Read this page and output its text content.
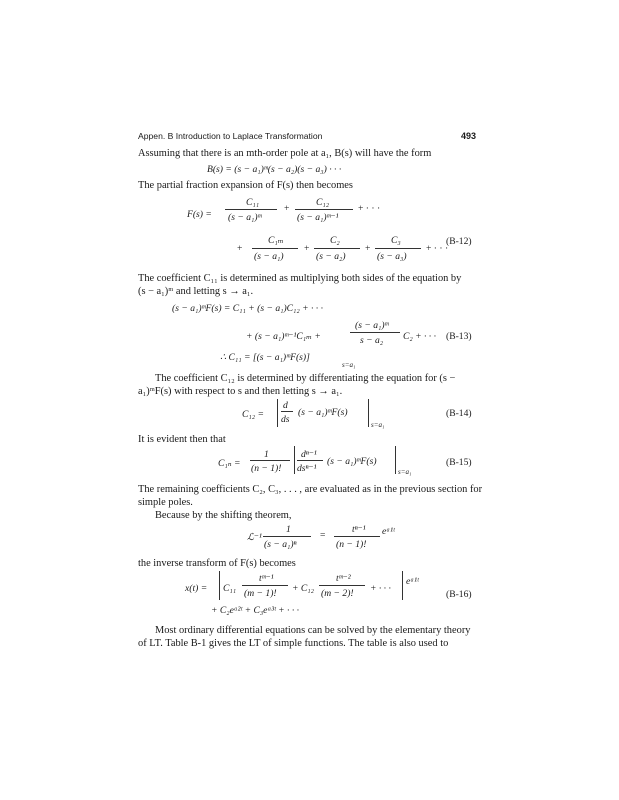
Appen. B Introduction to Laplace Transformation	493
Assuming that there is an mth-order pole at a₁, B(s) will have the form
B(s) = (s − a₁)ᵐ(s − a₂)(s − a₃) · · ·
The partial fraction expansion of F(s) then becomes
F(s) =
C₁₁
(s − a₁)ᵐ
+
C₁₂
(s − a₁)ᵐ⁻¹
+ · · ·
+
C₁ₘ
(s − a₁)
+
C₂
(s − a₂)
+
C₃
(s − a₃)
+ · · ·
(B-12)
The coefficient C₁₁ is determined as multiplying both sides of the equation by
(s − a₁)ᵐ and letting s → a₁.
(s − a₁)ᵐF(s) = C₁₁ + (s − a₁)C₁₂ + · · ·
+ (s − a₁)ᵐ⁻¹C₁ₘ +
(s − a₁)ᵐ
s − a₂ C₂ + · · · (B-13)
∴ C₁₁ = [(s − a₁)ᵐF(s)]
s=a₁
The coefficient C₁₂ is determined by differentiating the equation for (s −
a₁)ᵐF(s) with respect to s and then letting s → a₁.
C₁₂ =
d
ds
(s − a₁)ᵐF(s)
s=a₁
(B-14)
It is evident then that
C₁ₙ =
1
(n − 1)!
dⁿ⁻¹
dsⁿ⁻¹
(s − a₁)ᵐF(s)
s=a₁
(B-15)
The remaining coefficients C₂, C₃, . . . , are evaluated as in the previous section for
simple poles.
Because by the shifting theorem,
ℒ⁻¹
1
(s − a₁)ⁿ
=
tⁿ⁻¹
(n − 1)!
eᵃ¹ᵗ
the inverse transform of F(s) becomes
x(t) = C₁₁
tᵐ⁻¹
(m − 1)! + C₁₂
tᵐ⁻²
(m − 2)! + · · ·
eᵃ¹ᵗ
(B-16)
+ C₂eᵃ²ᵗ + C₃eᵃ³ᵗ + · · ·
Most ordinary differential equations can be solved by the elementary theory
of LT. Table B-1 gives the LT of simple functions. The table is also used to
